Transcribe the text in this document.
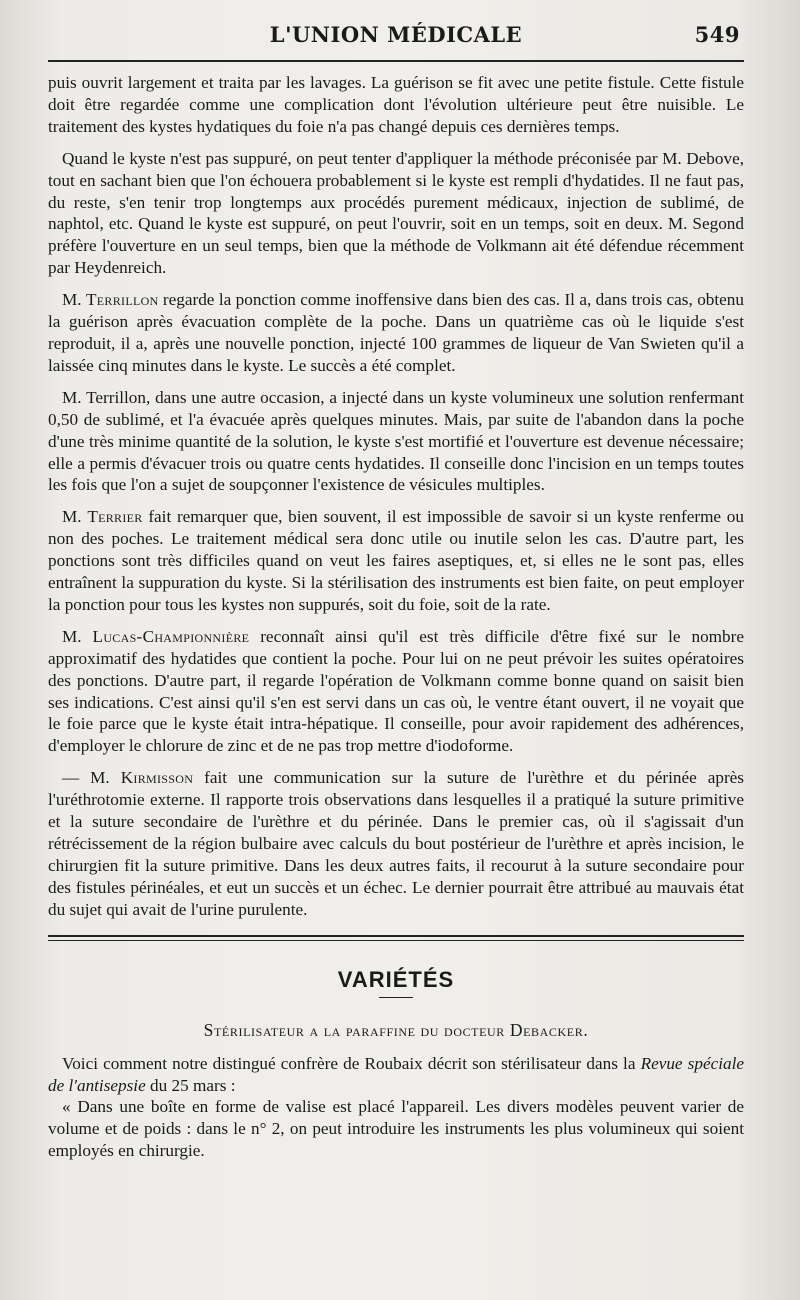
L'UNION MÉDICALE	549

puis ouvrit largement et traita par les lavages. La guérison se fit avec une petite fistule. Cette fistule doit être regardée comme une complication dont l'évolution ultérieure peut être nuisible. Le traitement des kystes hydatiques du foie n'a pas changé depuis ces dernières temps.

Quand le kyste n'est pas suppuré, on peut tenter d'appliquer la méthode préconisée par M. Debove, tout en sachant bien que l'on échouera probablement si le kyste est rempli d'hydatides. Il ne faut pas, du reste, s'en tenir trop longtemps aux procédés purement médicaux, injection de sublimé, de naphtol, etc. Quand le kyste est suppuré, on peut l'ouvrir, soit en un temps, soit en deux. M. Segond préfère l'ouverture en un seul temps, bien que la méthode de Volkmann ait été défendue récemment par Heydenreich.

M. Terrillon regarde la ponction comme inoffensive dans bien des cas. Il a, dans trois cas, obtenu la guérison après évacuation complète de la poche. Dans un quatrième cas où le liquide s'est reproduit, il a, après une nouvelle ponction, injecté 100 grammes de liqueur de Van Swieten qu'il a laissée cinq minutes dans le kyste. Le succès a été complet.

M. Terrillon, dans une autre occasion, a injecté dans un kyste volumineux une solution renfermant 0,50 de sublimé, et l'a évacuée après quelques minutes. Mais, par suite de l'abandon dans la poche d'une très minime quantité de la solution, le kyste s'est mortifié et l'ouverture est devenue nécessaire; elle a permis d'évacuer trois ou quatre cents hydatides. Il conseille donc l'incision en un temps toutes les fois que l'on a sujet de soupçonner l'existence de vésicules multiples.

M. Terrier fait remarquer que, bien souvent, il est impossible de savoir si un kyste renferme ou non des poches. Le traitement médical sera donc utile ou inutile selon les cas. D'autre part, les ponctions sont très difficiles quand on veut les faires aseptiques, et, si elles ne le sont pas, elles entraînent la suppuration du kyste. Si la stérilisation des instruments est bien faite, on peut employer la ponction pour tous les kystes non suppurés, soit du foie, soit de la rate.

M. Lucas-Championnière reconnaît ainsi qu'il est très difficile d'être fixé sur le nombre approximatif des hydatides que contient la poche. Pour lui on ne peut prévoir les suites opératoires des ponctions. D'autre part, il regarde l'opération de Volkmann comme bonne quand on saisit bien ses indications. C'est ainsi qu'il s'en est servi dans un cas où, le ventre étant ouvert, il ne voyait que le foie parce que le kyste était intra-hépatique. Il conseille, pour avoir rapidement des adhérences, d'employer le chlorure de zinc et de ne pas trop mettre d'iodoforme.

— M. Kirmisson fait une communication sur la suture de l'urèthre et du périnée après l'uréthrotomie externe. Il rapporte trois observations dans lesquelles il a pratiqué la suture primitive et la suture secondaire de l'urèthre et du périnée. Dans le premier cas, où il s'agissait d'un rétrécissement de la région bulbaire avec calculs du bout postérieur de l'urèthre et après incision, le chirurgien fit la suture primitive. Dans les deux autres faits, il recourut à la suture secondaire pour des fistules périnéales, et eut un succès et un échec. Le dernier pourrait être attribué au mauvais état du sujet qui avait de l'urine purulente.

VARIÉTÉS
Stérilisateur a la paraffine du docteur Debacker.

Voici comment notre distingué confrère de Roubaix décrit son stérilisateur dans la Revue spéciale de l'antisepsie du 25 mars :

« Dans une boîte en forme de valise est placé l'appareil. Les divers modèles peuvent varier de volume et de poids : dans le n° 2, on peut introduire les instruments les plus volumineux qui soient employés en chirurgie.
